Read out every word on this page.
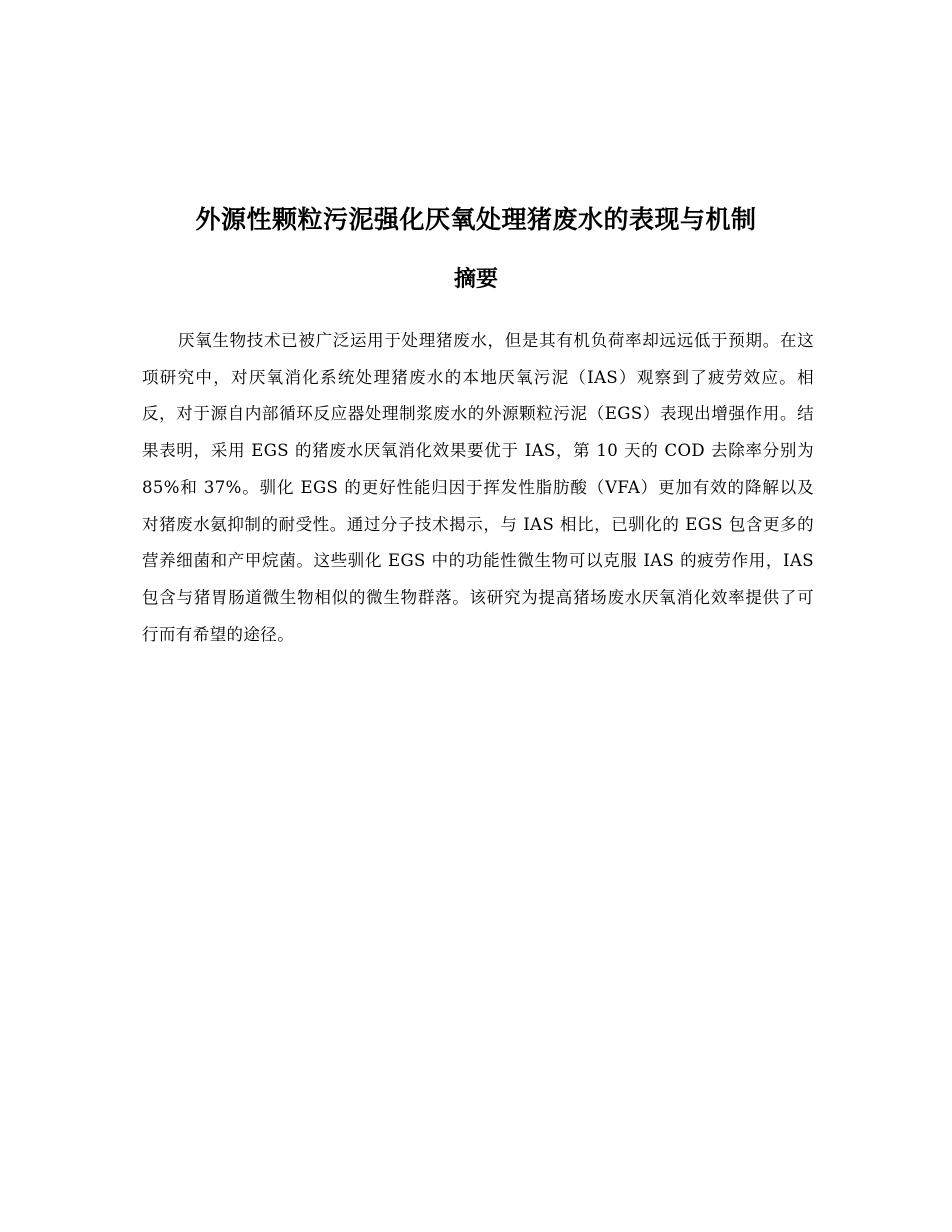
外源性颗粒污泥强化厌氧处理猪废水的表现与机制
摘要

厌氧生物技术已被广泛运用于处理猪废水，但是其有机负荷率却远远低于预期。在这项研究中，对厌氧消化系统处理猪废水的本地厌氧污泥（IAS）观察到了疲劳效应。相反，对于源自内部循环反应器处理制浆废水的外源颗粒污泥（EGS）表现出增强作用。结果表明，采用 EGS 的猪废水厌氧消化效果要优于 IAS，第 10 天的 COD 去除率分别为 85%和 37%。驯化 EGS 的更好性能归因于挥发性脂肪酸（VFA）更加有效的降解以及对猪废水氨抑制的耐受性。通过分子技术揭示，与 IAS 相比，已驯化的 EGS 包含更多的营养细菌和产甲烷菌。这些驯化 EGS 中的功能性微生物可以克服 IAS 的疲劳作用，IAS 包含与猪胃肠道微生物相似的微生物群落。该研究为提高猪场废水厌氧消化效率提供了可行而有希望的途径。
